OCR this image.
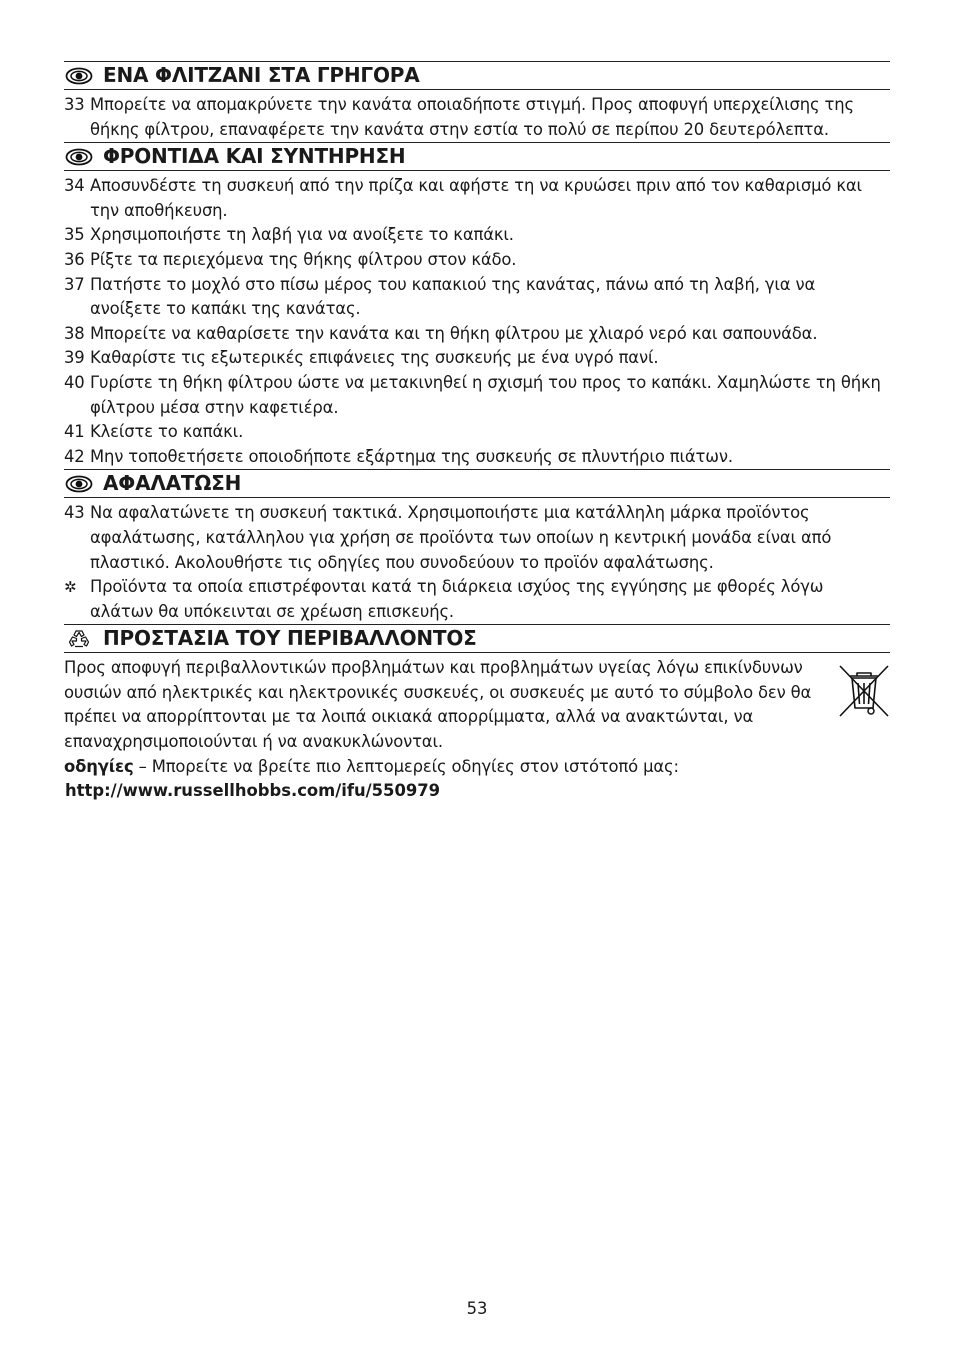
ΕΝΑ ΦΛΙΤΖΑΝΙ ΣΤΑ ΓΡΗΓΟΡΑ
33 Μπορείτε να απομακρύνετε την κανάτα οποιαδήποτε στιγμή. Προς αποφυγή υπερχείλισης της θήκης φίλτρου, επαναφέρετε την κανάτα στην εστία το πολύ σε περίπου 20 δευτερόλεπτα.
ΦΡΟΝΤΙΔΑ ΚΑΙ ΣΥΝΤΗΡΗΣΗ
34 Αποσυνδέστε τη συσκευή από την πρίζα και αφήστε τη να κρυώσει πριν από τον καθαρισμό και την αποθήκευση.
35 Χρησιμοποιήστε τη λαβή για να ανοίξετε το καπάκι.
36 Ρίξτε τα περιεχόμενα της θήκης φίλτρου στον κάδο.
37 Πατήστε το μοχλό στο πίσω μέρος του καπακιού της κανάτας, πάνω από τη λαβή, για να ανοίξετε το καπάκι της κανάτας.
38 Μπορείτε να καθαρίσετε την κανάτα και τη θήκη φίλτρου με χλιαρό νερό και σαπουνάδα.
39 Καθαρίστε τις εξωτερικές επιφάνειες της συσκευής με ένα υγρό πανί.
40 Γυρίστε τη θήκη φίλτρου ώστε να μετακινηθεί η σχισμή του προς το καπάκι. Χαμηλώστε τη θήκη φίλτρου μέσα στην καφετιέρα.
41 Κλείστε το καπάκι.
42 Μην τοποθετήσετε οποιοδήποτε εξάρτημα της συσκευής σε πλυντήριο πιάτων.
ΑΦΑΛΑΤΩΣΗ
43 Να αφαλατώνετε τη συσκευή τακτικά. Χρησιμοποιήστε μια κατάλληλη μάρκα προϊόντος αφαλάτωσης, κατάλληλου για χρήση σε προϊόντα των οποίων η κεντρική μονάδα είναι από πλαστικό. Ακολουθήστε τις οδηγίες που συνοδεύουν το προϊόν αφαλάτωσης.
✲ Προϊόντα τα οποία επιστρέφονται κατά τη διάρκεια ισχύος της εγγύησης με φθορές λόγω αλάτων θα υπόκεινται σε χρέωση επισκευής.
ΠΡΟΣΤΑΣΙΑ ΤΟΥ ΠΕΡΙΒΑΛΛΟΝΤΟΣ
Προς αποφυγή περιβαλλοντικών προβλημάτων και προβλημάτων υγείας λόγω επικίνδυνων ουσιών από ηλεκτρικές και ηλεκτρονικές συσκευές, οι συσκευές με αυτό το σύμβολο δεν θα πρέπει να απορρίπτονται με τα λοιπά οικιακά απορρίμματα, αλλά να ανακτώνται, να επαναχρησιμοποιούνται ή να ανακυκλώνονται.
οδηγίες – Μπορείτε να βρείτε πιο λεπτομερείς οδηγίες στον ιστότοπό μας:
http://www.russellhobbs.com/ifu/550979
53
